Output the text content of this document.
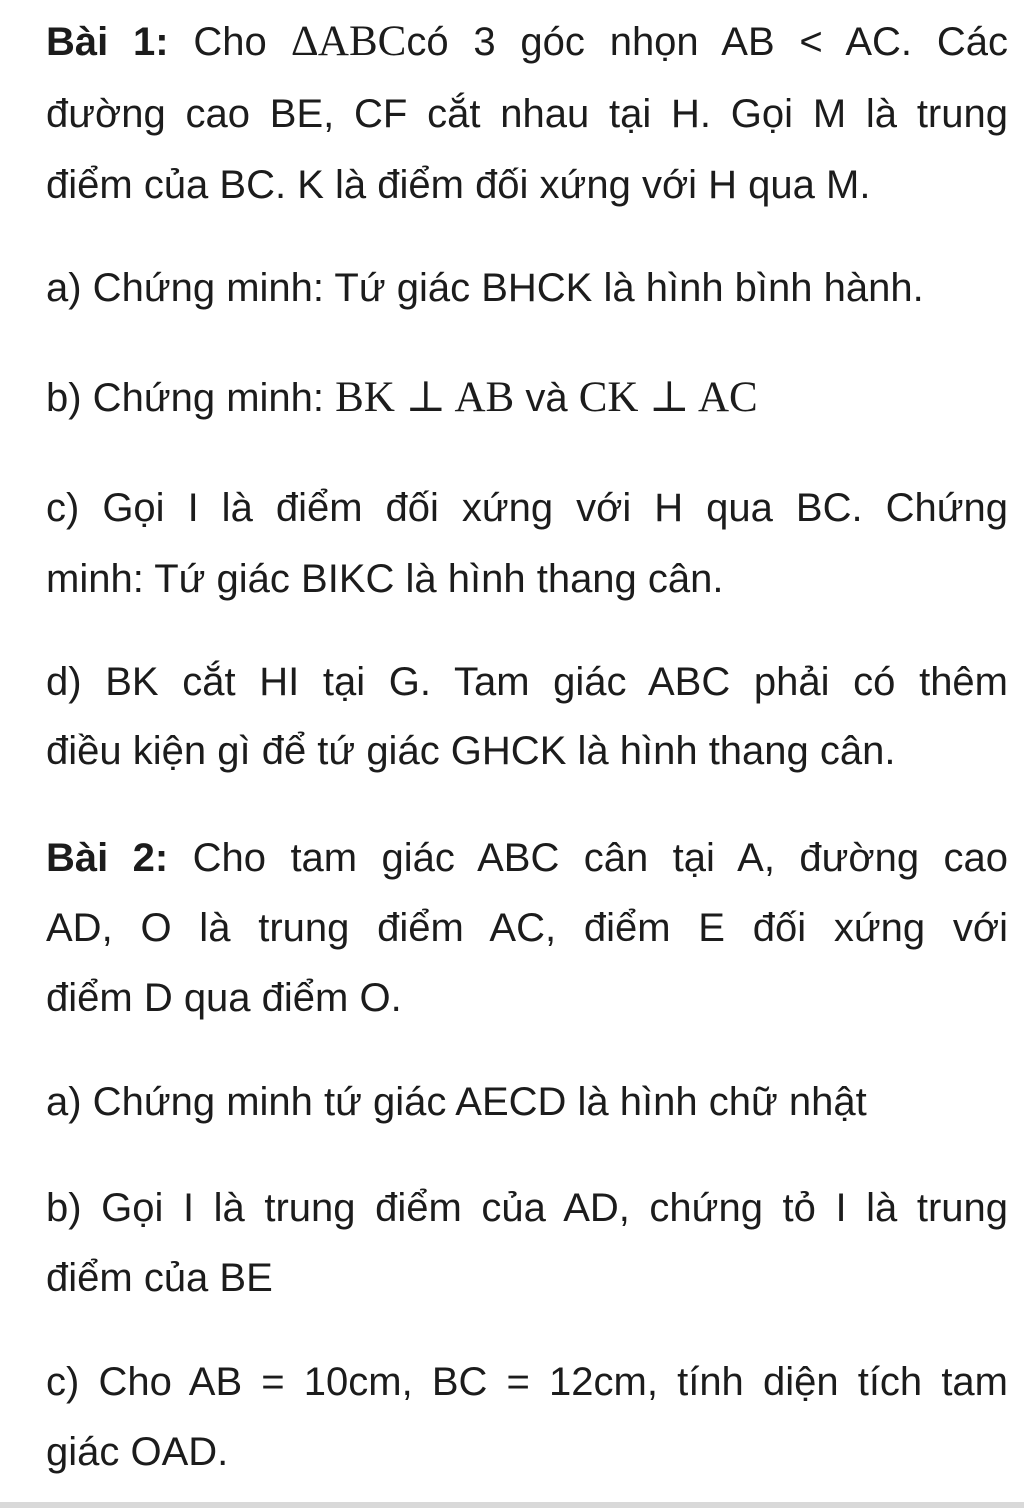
Bài 1: Cho ∆ABCcó 3 góc nhọn AB < AC. Các
đường cao BE, CF cắt nhau tại H. Gọi M là trung
điểm của BC. K là điểm đối xứng với H qua M.
a) Chứng minh: Tứ giác BHCK là hình bình hành.
b) Chứng minh: BK ⊥ AB và CK ⊥ AC
c) Gọi I là điểm đối xứng với H qua BC. Chứng
minh: Tứ giác BIKC là hình thang cân.
d) BK cắt HI tại G. Tam giác ABC phải có thêm
điều kiện gì để tứ giác GHCK là hình thang cân.
Bài 2: Cho tam giác ABC cân tại A, đường cao
AD, O là trung điểm AC, điểm E đối xứng với
điểm D qua điểm O.
a) Chứng minh tứ giác AECD là hình chữ nhật
b) Gọi I là trung điểm của AD, chứng tỏ I là trung
điểm của BE
c) Cho AB = 10cm, BC = 12cm, tính diện tích tam
giác OAD.
